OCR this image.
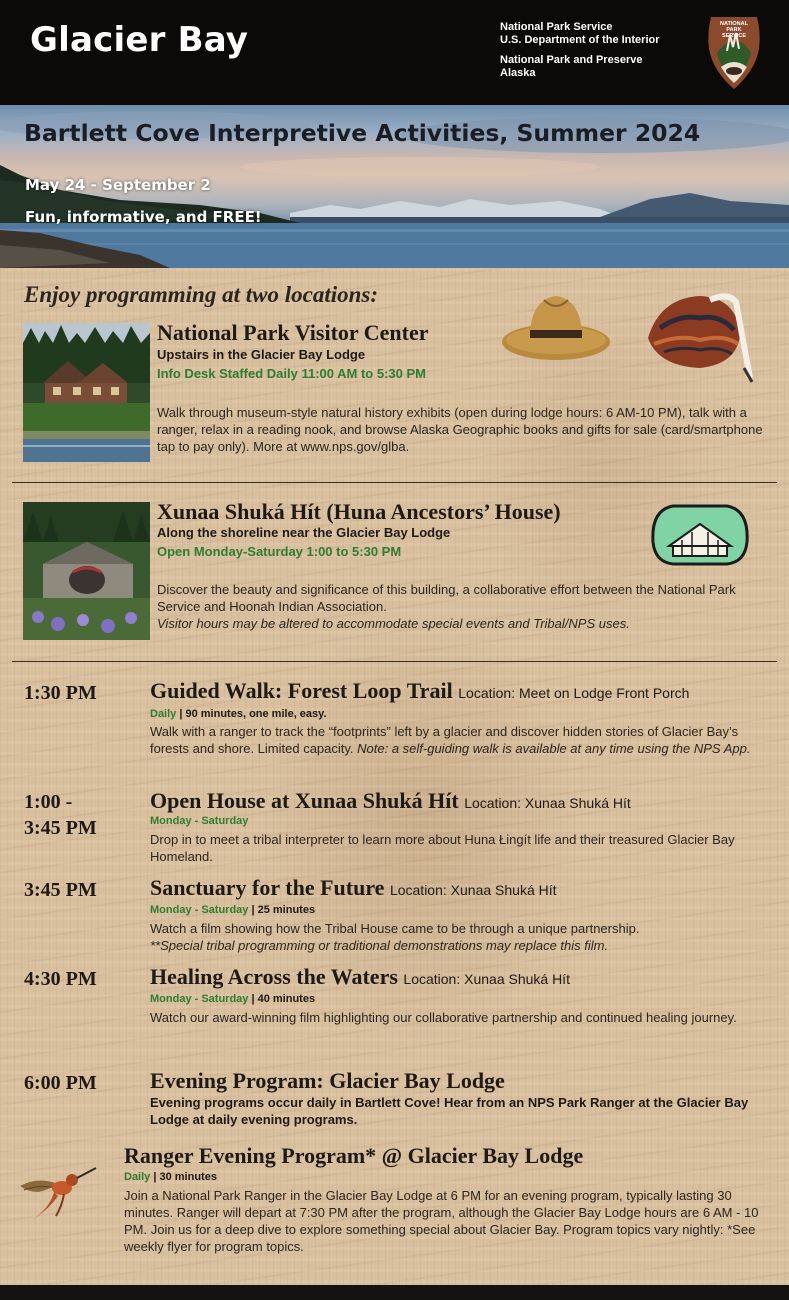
Glacier Bay	National Park Service
U.S. Department of the Interior
National Park and Preserve
Alaska
NATIONAL
PARK
SERVICE
Bartlett Cove Interpretive Activities, Summer 2024
May 24 - September 2
Fun, informative, and FREE!
Enjoy programming at two locations:
National Park Visitor Center
Upstairs in the Glacier Bay Lodge
Info Desk Staffed Daily 11:00 AM to 5:30 PM
Walk through museum-style natural history exhibits (open during lodge hours: 6 AM-10 PM), talk with a ranger, relax in a reading nook, and browse Alaska Geographic books and gifts for sale (card/smartphone tap to pay only). More at www.nps.gov/glba.
Xunaa Shuká Hít (Huna Ancestors’ House)
Along the shoreline near the Glacier Bay Lodge
Open Monday-Saturday 1:00 to 5:30 PM
Discover the beauty and significance of this building, a collaborative effort between the National Park Service and Hoonah Indian Association.
Visitor hours may be altered to accommodate special events and Tribal/NPS uses.
1:30 PM Guided Walk: Forest Loop Trail Location: Meet on Lodge Front Porch
Daily | 90 minutes, one mile, easy.
Walk with a ranger to track the “footprints” left by a glacier and discover hidden stories of Glacier Bay’s forests and shore. Limited capacity. Note: a self-guiding walk is available at any time using the NPS App.
1:00 -
3:45 PM
Open House at Xunaa Shuká Hít Location: Xunaa Shuká Hít
Monday - Saturday
Drop in to meet a tribal interpreter to learn more about Huna Łingít life and their treasured Glacier Bay Homeland.
3:45 PM Sanctuary for the Future Location: Xunaa Shuká Hít
Monday - Saturday | 25 minutes
Watch a film showing how the Tribal House came to be through a unique partnership.
**Special tribal programming or traditional demonstrations may replace this film.
4:30 PM Healing Across the Waters Location: Xunaa Shuká Hít
Monday - Saturday | 40 minutes
Watch our award-winning film highlighting our collaborative partnership and continued healing journey.
6:00 PM Evening Program: Glacier Bay Lodge
Evening programs occur daily in Bartlett Cove! Hear from an NPS Park Ranger at the Glacier Bay Lodge at daily evening programs.
Ranger Evening Program* @ Glacier Bay Lodge
Daily | 30 minutes
Join a National Park Ranger in the Glacier Bay Lodge at 6 PM for an evening program, typically lasting 30 minutes. Ranger will depart at 7:30 PM after the program, although the Glacier Bay Lodge hours are 6 AM - 10 PM. Join us for a deep dive to explore something special about Glacier Bay. Program topics vary nightly: *See weekly flyer for program topics.
